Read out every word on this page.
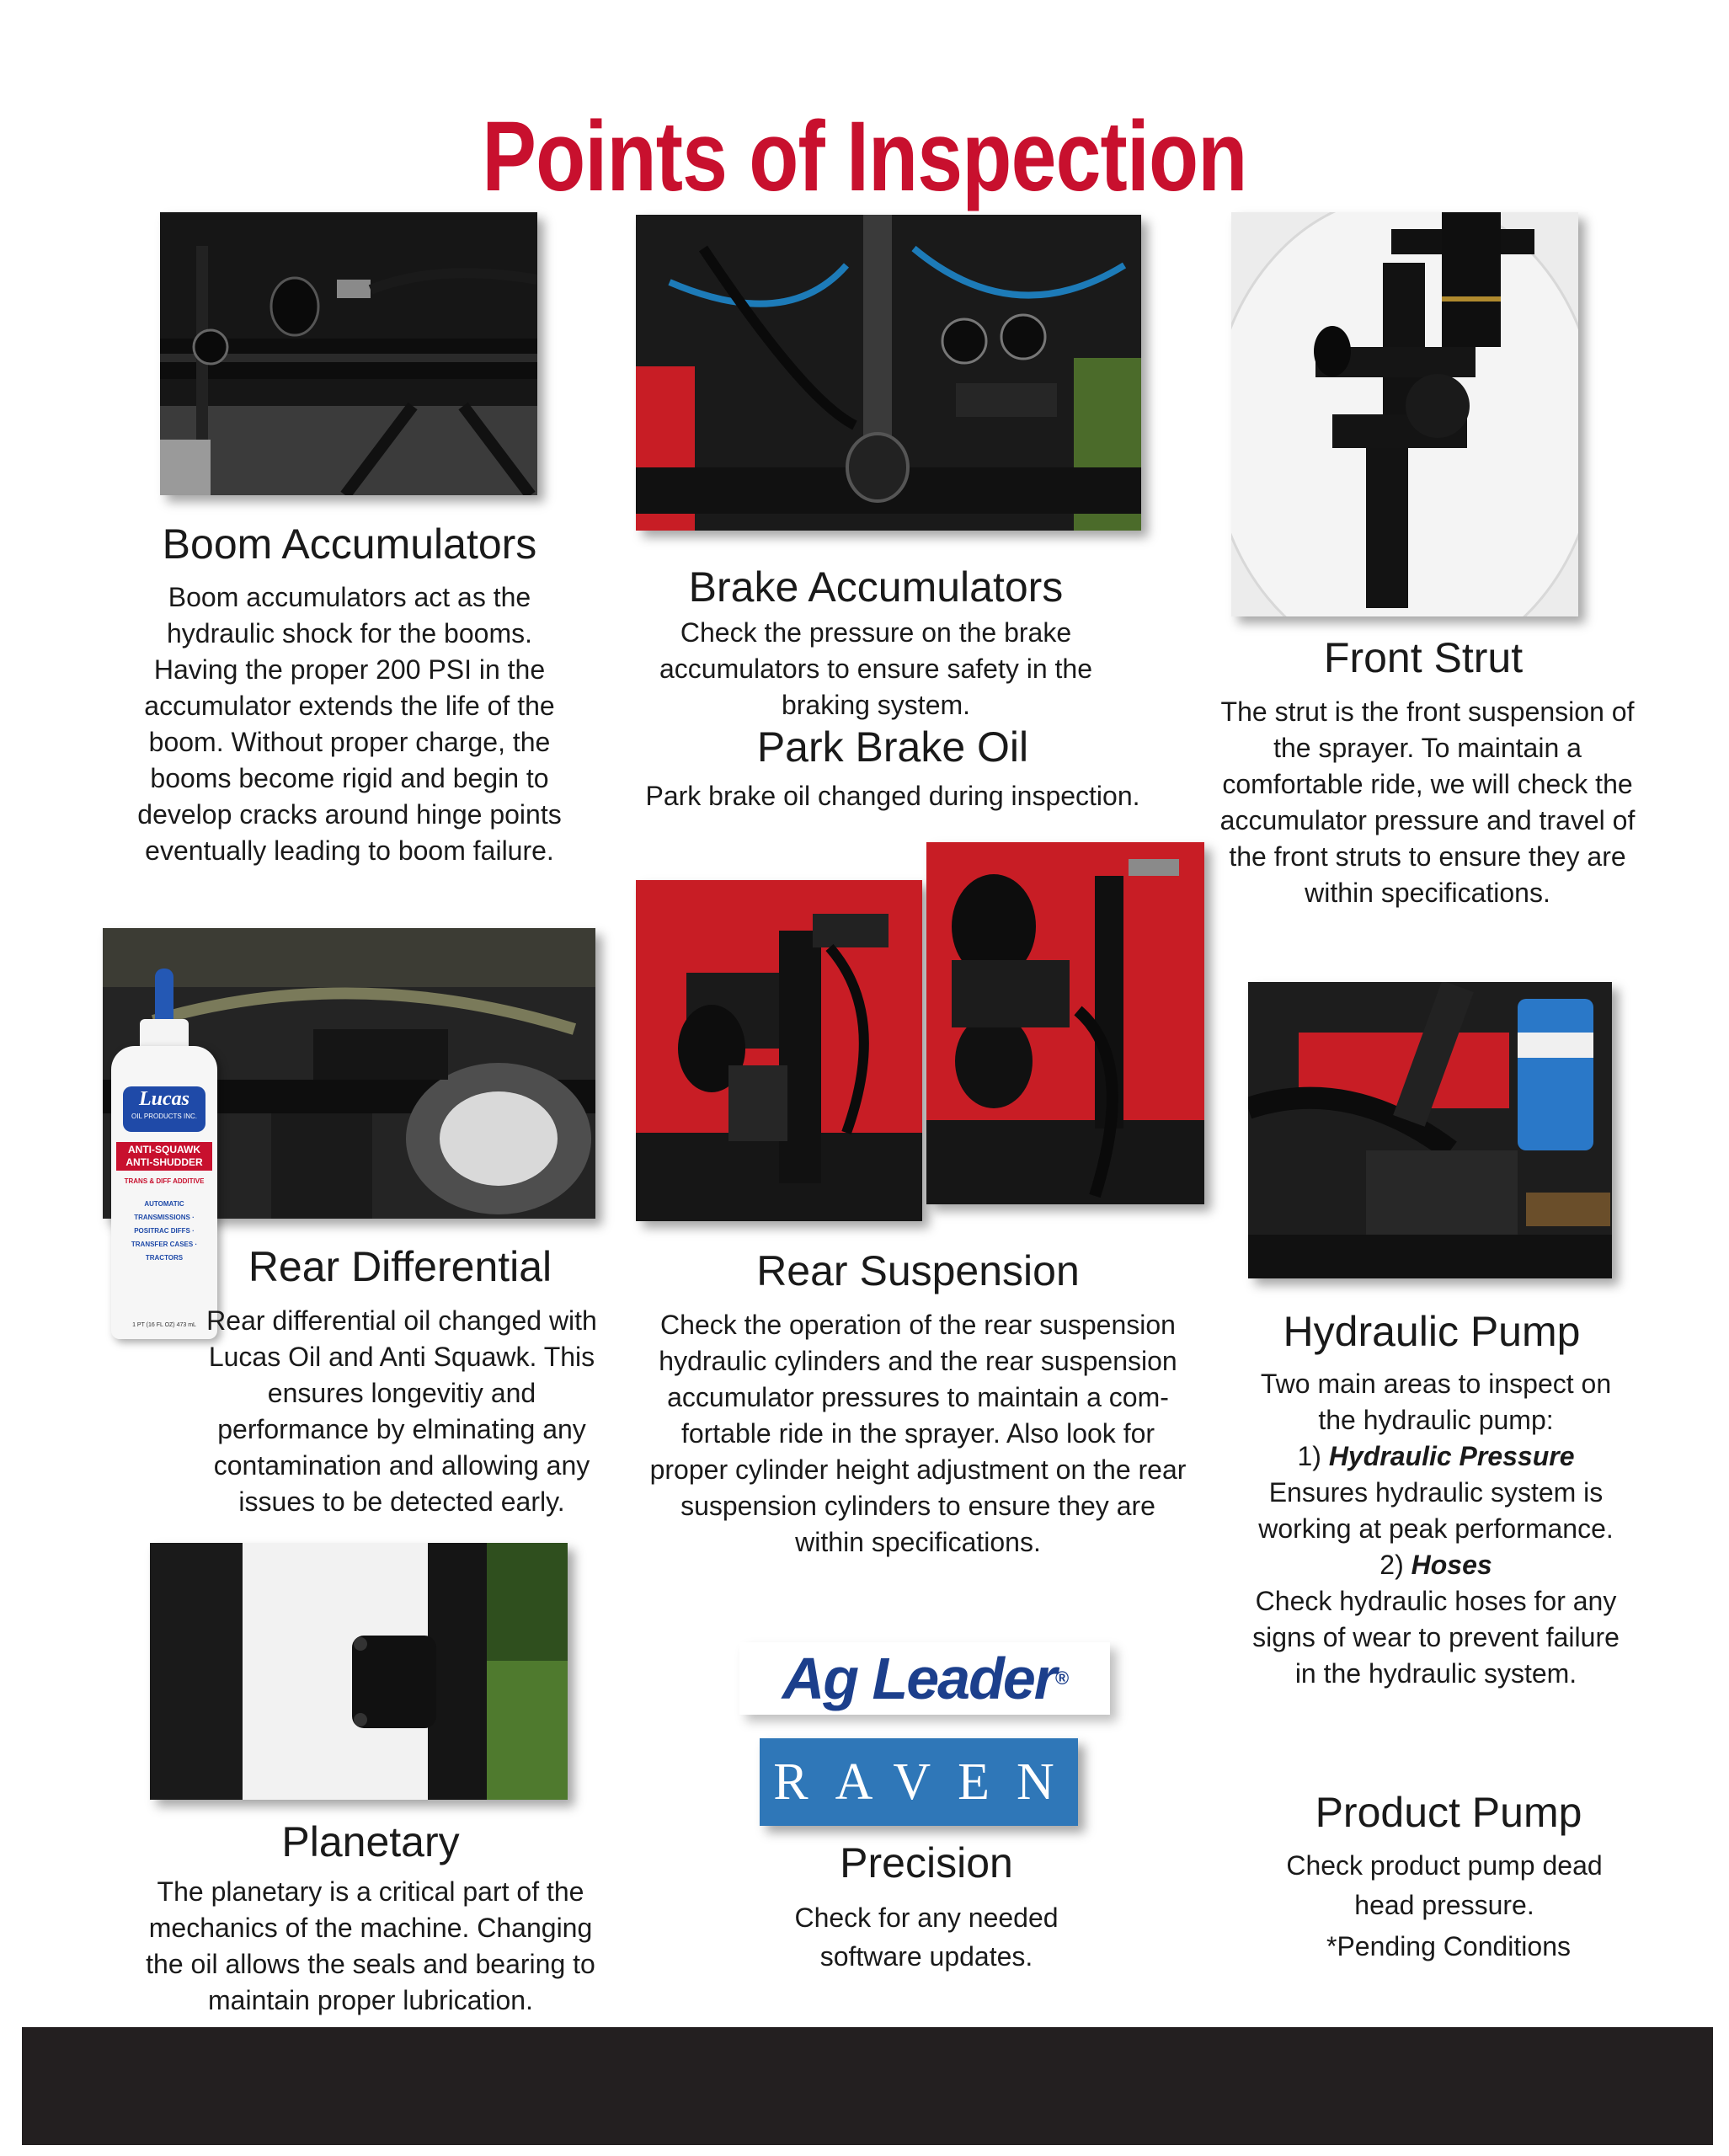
Points of Inspection
Boom Accumulators

Boom accumulators act as the hydraulic shock for the booms. Having the proper 200 PSI in the accumulator extends the life of the boom. Without proper charge, the booms become rigid and begin to develop cracks around hinge points eventually leading to boom failure.

Brake Accumulators

Check the pressure on the brake accumulators to ensure safety in the braking system.

Park Brake Oil

Park brake oil changed during inspection.

Front Strut

The strut is the front suspension of the sprayer. To maintain a comfortable ride, we will check the accumulator pressure and travel of the front struts to ensure they are within specifications.

Lucas
OIL PRODUCTS INC.
ANTI-SQUAWK ANTI-SHUDDER
TRANS & DIFF ADDITIVE
AUTOMATIC TRANSMISSIONS · POSITRAC DIFFS · TRANSFER CASES · TRACTORS
1 PT (16 FL OZ) 473 mL
Rear Differential

Rear differential oil changed with Lucas Oil and Anti Squawk. This ensures longevitiy and performance by elminating any contamination and allowing any issues to be detected early.

Rear Suspension

Check the operation of the rear suspension hydraulic cylinders and the rear suspension accumulator pressures to maintain a com-fortable ride in the sprayer. Also look for proper cylinder height adjustment on the rear suspension cylinders to ensure they are within specifications.

Hydraulic Pump

Two main areas to inspect on the hydraulic pump:

1) Hydraulic Pressure

Ensures hydraulic system is working at peak performance.

2) Hoses

Check hydraulic hoses for any signs of wear to prevent failure in the hydraulic system.

Planetary

The planetary is a critical part of the mechanics of the machine. Changing the oil allows the seals and bearing to maintain proper lubrication.

Ag Leader ®
RAVEN
Precision

Check for any needed software updates.

Product Pump

Check product pump dead head pressure.

*Pending Conditions
